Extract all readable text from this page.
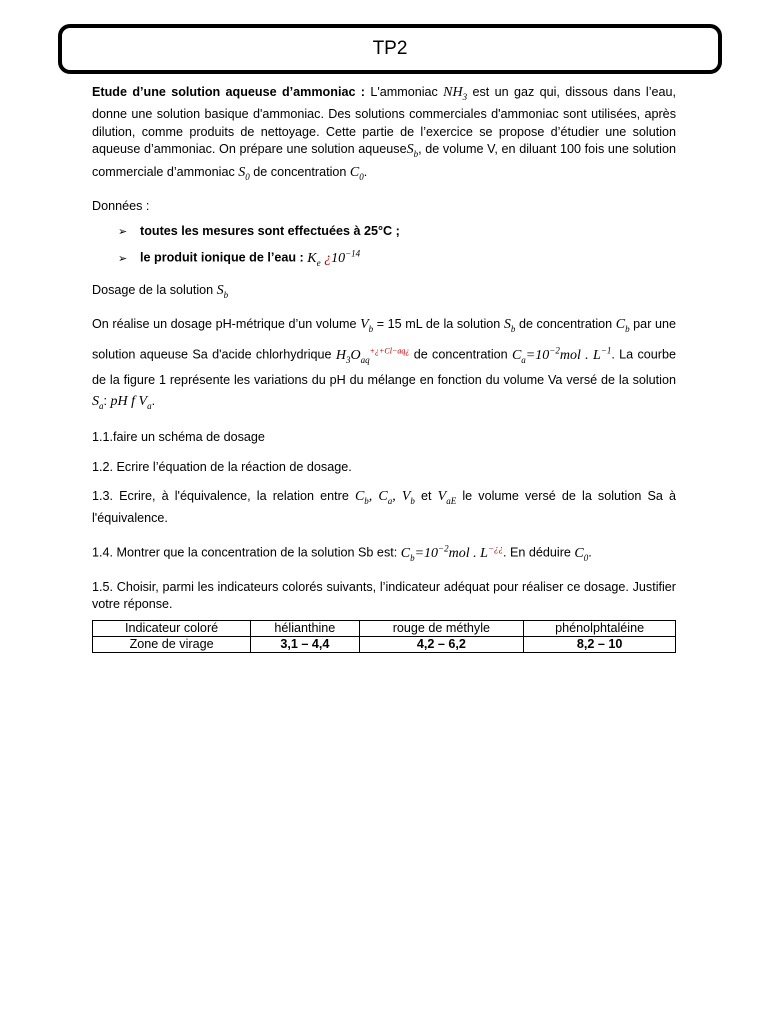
TP2

Etude d’une solution aqueuse d’ammoniac : L'ammoniac $NH_3$ est un gaz qui, dissous dans l’eau, donne une solution basique d'ammoniac. Des solutions commerciales d'ammoniac sont utilisées, après dilution, comme produits de nettoyage. Cette partie de l’exercice se propose d’étudier une solution aqueuse d’ammoniac. On prépare une solution aqueuseS$_b$, de volume V, en diluant 100 fois une solution commerciale d’ammoniac $S_0$ de concentration $C_0$.

Données :

➢ toutes les mesures sont effectuées à 25°C ;
➢ le produit ionique de l’eau : $K_e$ ¿$10^{-14}$

Dosage de la solution $S_b$

On réalise un dosage pH-métrique d’un volume $V_b = 15$ mL de la solution $S_b$ de concentration $C_b$ par une solution aqueuse Sa d'acide chlorhydrique $H_3O_{aq}^{+¿+Cl-aq¿}$ de concentration $C_a=10^{-2}mol$ . $L^{-1}$. La courbe de la figure 1 représente les variations du pH du mélange en fonction du volume Va versé de la solution $S_a$: pH f $V_a$.

1.1.faire un schéma de dosage

1.2. Ecrire l’équation de la réaction de dosage.

1.3. Ecrire, à l'équivalence, la relation entre $C_b$, $C_a$, $V_b$ et $V_{aE}$ le volume versé de la solution Sa à l'équivalence.

1.4. Montrer que la concentration de la solution Sb est: $C_b=10^{-2}mol$ . L−¿¿. En déduire $C_0$.

1.5. Choisir, parmi les indicateurs colorés suivants, l’indicateur adéquat pour réaliser ce dosage. Justifier votre réponse.

Indicateur coloré	hélianthine	rouge de méthyle	phénolphtaléine
Zone de virage	3,1 – 4,4	4,2 – 6,2	8,2 – 10
